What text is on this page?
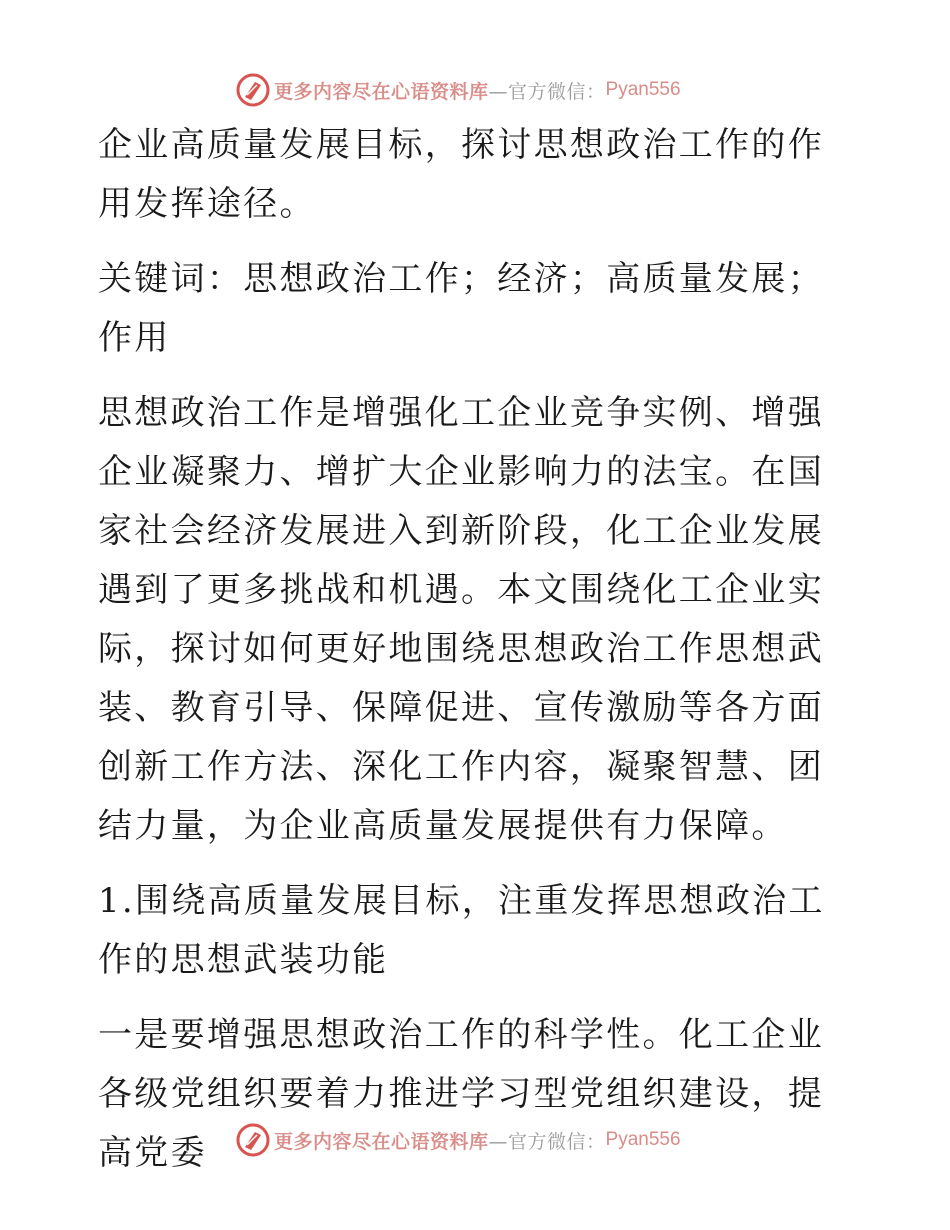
更多内容尽在心语资料库 —官方微信： Pyan556

企业高质量发展目标，探讨思想政治工作的作用发挥途径。

关键词：思想政治工作；经济；高质量发展；作用

思想政治工作是增强化工企业竞争实例、增强企业凝聚力、增扩大企业影响力的法宝。在国家社会经济发展进入到新阶段，化工企业发展遇到了更多挑战和机遇。本文围绕化工企业实际，探讨如何更好地围绕思想政治工作思想武装、教育引导、保障促进、宣传激励等各方面创新工作方法、深化工作内容，凝聚智慧、团结力量，为企业高质量发展提供有力保障。

1.围绕高质量发展目标，注重发挥思想政治工作的思想武装功能

一是要增强思想政治工作的科学性。化工企业各级党组织要着力推进学习型党组织建设，提高党委	更多内容尽在心语资料库 —官方微信： Pyan556
